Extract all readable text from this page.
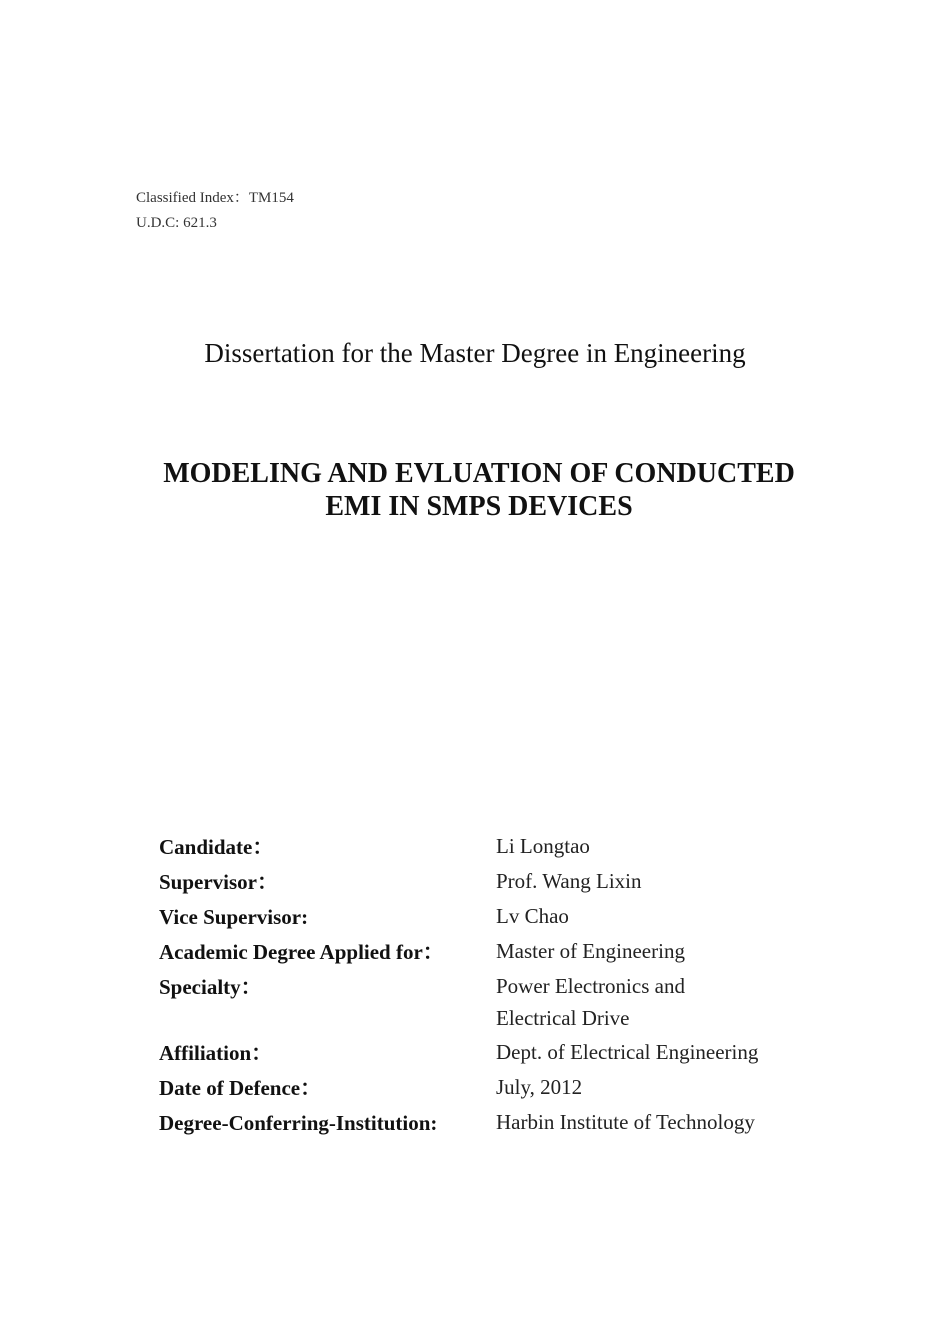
Classified Index：TM154
U.D.C: 621.3
Dissertation for the Master Degree in Engineering
MODELING AND EVLUATION OF CONDUCTED
EMI IN SMPS DEVICES
Candidate：	Li Longtao
Supervisor：	Prof. Wang Lixin
Vice Supervisor:	Lv Chao
Academic Degree Applied for：	Master of Engineering
Specialty：	Power Electronics and
Electrical Drive
Affiliation：	Dept. of Electrical Engineering
Date of Defence：	July, 2012
Degree-Conferring-Institution:	Harbin Institute of Technology
